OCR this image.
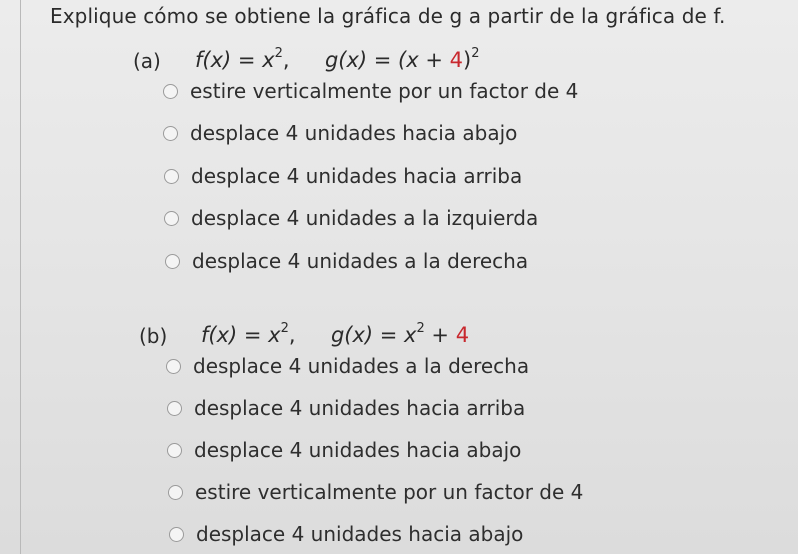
Explique cómo se obtiene la gráfica de g a partir de la gráfica de f.
(a) $f(x) = x^2$, $g(x) = (x + 4)^2$
estire verticalmente por un factor de 4
desplace 4 unidades hacia abajo
desplace 4 unidades hacia arriba
desplace 4 unidades a la izquierda
desplace 4 unidades a la derecha
(b) $f(x) = x^2$, $g(x) = x^2 + 4$
desplace 4 unidades a la derecha
desplace 4 unidades hacia arriba
desplace 4 unidades hacia abajo
estire verticalmente por un factor de 4
desplace 4 unidades hacia abajo
